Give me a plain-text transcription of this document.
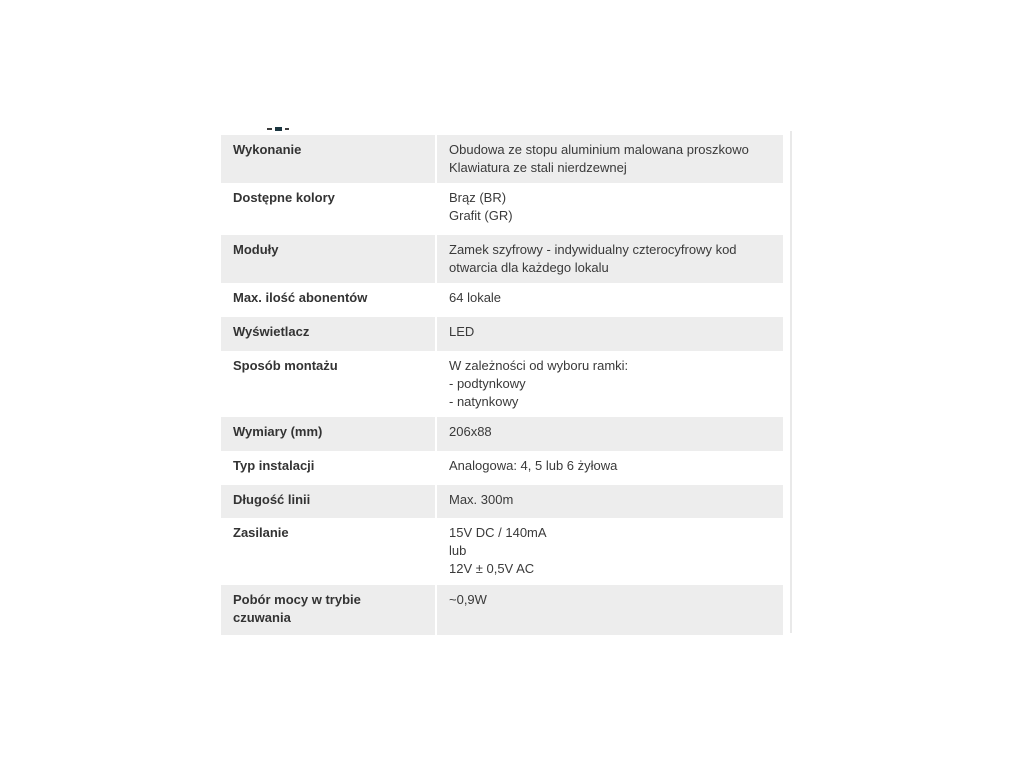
Wykonanie	Obudowa ze stopu aluminium malowana proszkowo
Klawiatura ze stali nierdzewnej

Dostępne kolory	Brąz (BR)
Grafit (GR)

Moduły	Zamek szyfrowy - indywidualny czterocyfrowy kod otwarcia dla każdego lokalu

Max. ilość abonentów	64 lokale

Wyświetlacz	LED

Sposób montażu	W zależności od wyboru ramki:
- podtynkowy
- natynkowy

Wymiary (mm)	206x88

Typ instalacji	Analogowa: 4, 5 lub 6 żyłowa

Długość linii	Max. 300m

Zasilanie	15V DC / 140mA
lub
12V ± 0,5V AC

Pobór mocy w trybie
czuwania	~0,9W
